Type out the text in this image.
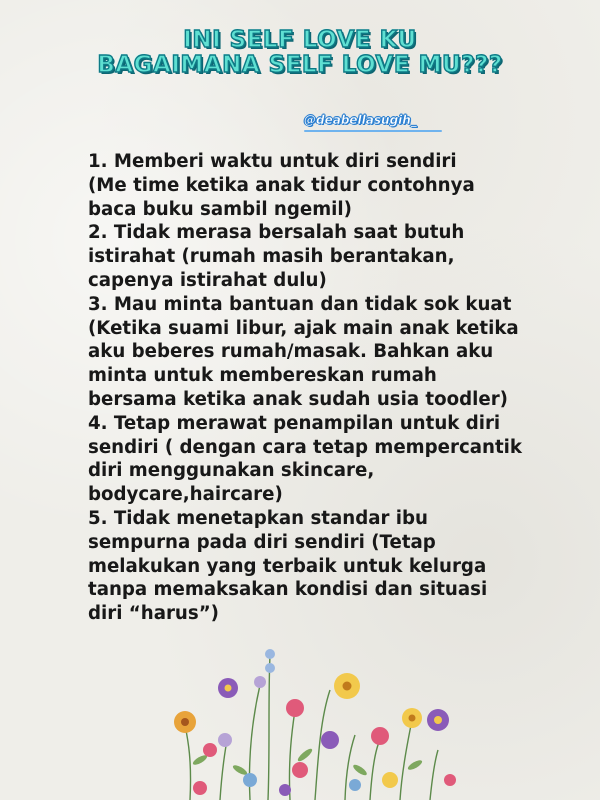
INI SELF LOVE KU
BAGAIMANA SELF LOVE MU???
@deabellasugih_

1. Memberi waktu untuk diri sendiri
(Me time ketika anak tidur contohnya
baca buku sambil ngemil)
2. Tidak merasa bersalah saat butuh
istirahat (rumah masih berantakan,
capenya istirahat dulu)
3. Mau minta bantuan dan tidak sok kuat
(Ketika suami libur, ajak main anak ketika
aku beberes rumah/masak. Bahkan aku
minta untuk membereskan rumah
bersama ketika anak sudah usia toodler)
4. Tetap merawat penampilan untuk diri
sendiri ( dengan cara tetap mempercantik
diri menggunakan skincare,
bodycare,haircare)
5. Tidak menetapkan standar ibu
sempurna pada diri sendiri (Tetap
melakukan yang terbaik untuk kelurga
tanpa memaksakan kondisi dan situasi
diri “harus”)
